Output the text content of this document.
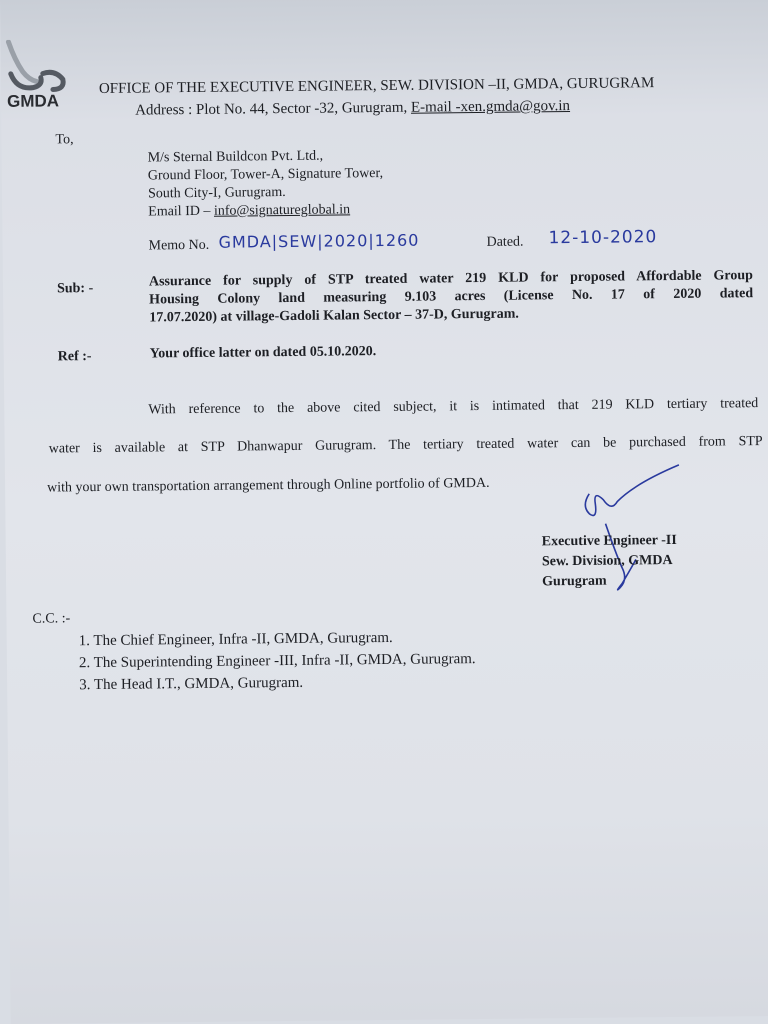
GMDA
OFFICE OF THE EXECUTIVE ENGINEER, SEW. DIVISION –II, GMDA, GURUGRAM
Address : Plot No. 44, Sector -32, Gurugram, E-mail -xen.gmda@gov.in
To,
M/s Sternal Buildcon Pvt. Ltd.,
Ground Floor, Tower-A, Signature Tower,
South City-I, Gurugram.
Email ID – info@signatureglobal.in
Memo No. GMDA|SEW|2020|1260	Dated. 12-10-2020
Sub: -	Assurance for supply of STP treated water 219 KLD for proposed Affordable Group
Housing Colony land measuring 9.103 acres (License No. 17 of 2020 dated
17.07.2020) at village-Gadoli Kalan Sector – 37-D, Gurugram.
Ref :-	Your office latter on dated 05.10.2020.
With reference to the above cited subject, it is intimated that 219 KLD tertiary treated
water is available at STP Dhanwapur Gurugram. The tertiary treated water can be purchased from STP
with your own transportation arrangement through Online portfolio of GMDA.
Executive Engineer -II
Sew. Division, GMDA
Gurugram
C.C. :-
1. The Chief Engineer, Infra -II, GMDA, Gurugram.
2. The Superintending Engineer -III, Infra -II, GMDA, Gurugram.
3. The Head I.T., GMDA, Gurugram.
